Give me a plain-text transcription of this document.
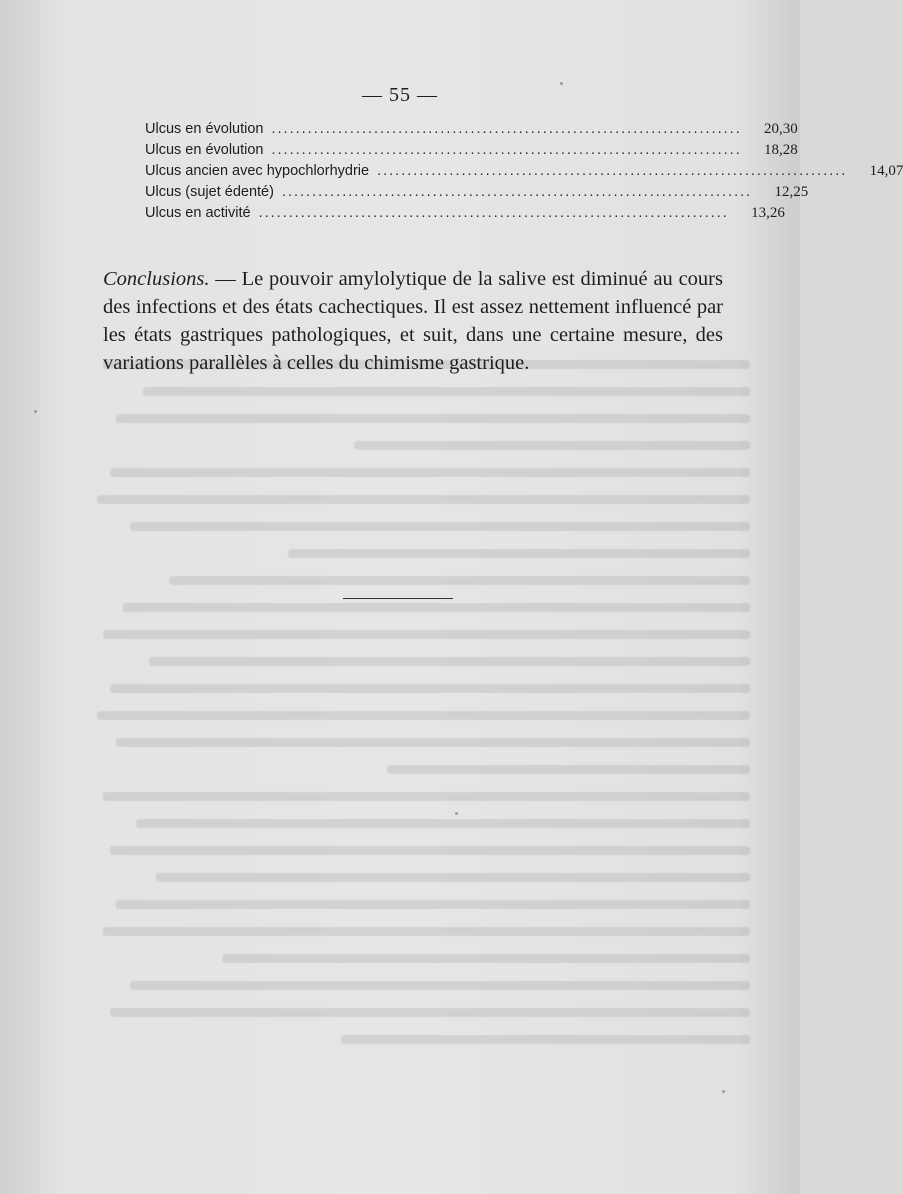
— 55 —
Ulcus en évolution ..............................................................................	20,30
Ulcus en évolution ..............................................................................	18,28
Ulcus ancien avec hypochlorhydrie ..............................................................................	14,07
Ulcus (sujet édenté) ..............................................................................	12,25
Ulcus en activité ..............................................................................	13,26

Conclusions. — Le pouvoir amylolytique de la salive est diminué au cours des infections et des états cachectiques. Il est assez nettement influencé par les états gastriques pathologiques, et suit, dans une certaine mesure, des variations parallèles à celles du chimisme gastrique.
